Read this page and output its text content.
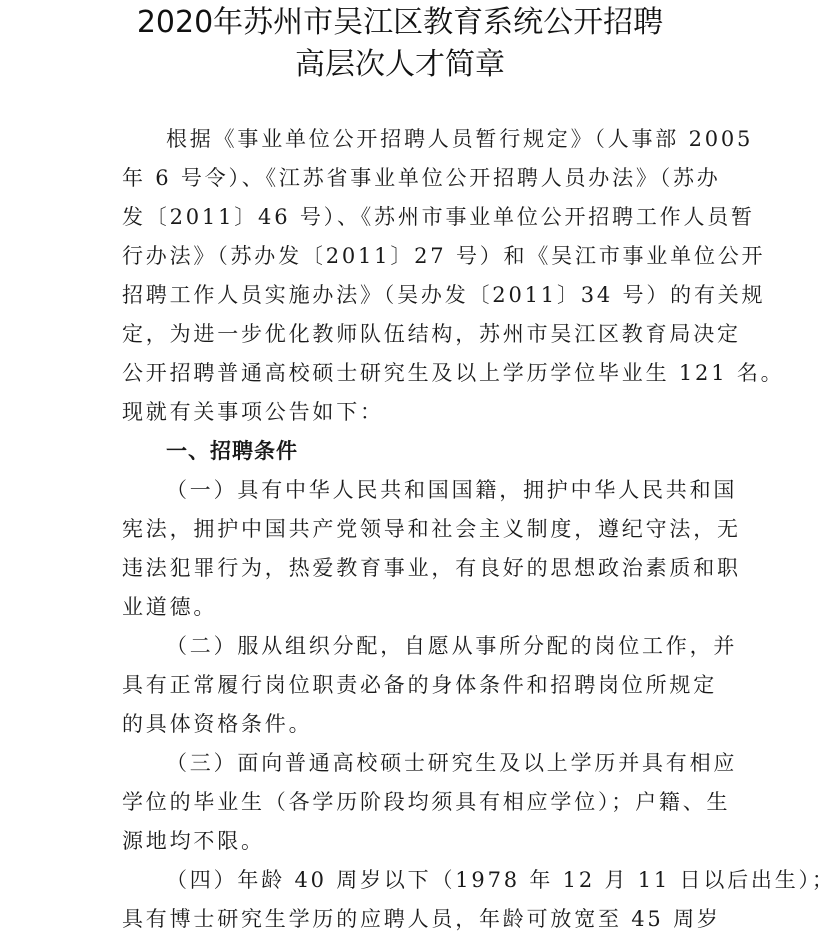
2020年苏州市吴江区教育系统公开招聘
高层次人才简章
根据《事业单位公开招聘人员暂行规定》（人事部 2005
年 6 号令）、《江苏省事业单位公开招聘人员办法》（苏办
发〔2011〕46 号）、《苏州市事业单位公开招聘工作人员暂
行办法》（苏办发〔2011〕27 号）和《吴江市事业单位公开
招聘工作人员实施办法》（吴办发〔2011〕34 号）的有关规
定，为进一步优化教师队伍结构，苏州市吴江区教育局决定
公开招聘普通高校硕士研究生及以上学历学位毕业生 121 名。
现就有关事项公告如下：
一、招聘条件
（一）具有中华人民共和国国籍，拥护中华人民共和国
宪法，拥护中国共产党领导和社会主义制度，遵纪守法，无
违法犯罪行为，热爱教育事业，有良好的思想政治素质和职
业道德。
（二）服从组织分配，自愿从事所分配的岗位工作，并
具有正常履行岗位职责必备的身体条件和招聘岗位所规定
的具体资格条件。
（三）面向普通高校硕士研究生及以上学历并具有相应
学位的毕业生（各学历阶段均须具有相应学位）；户籍、生
源地均不限。
（四）年龄 40 周岁以下（1978 年 12 月 11 日以后出生）；
具有博士研究生学历的应聘人员，年龄可放宽至 45 周岁
